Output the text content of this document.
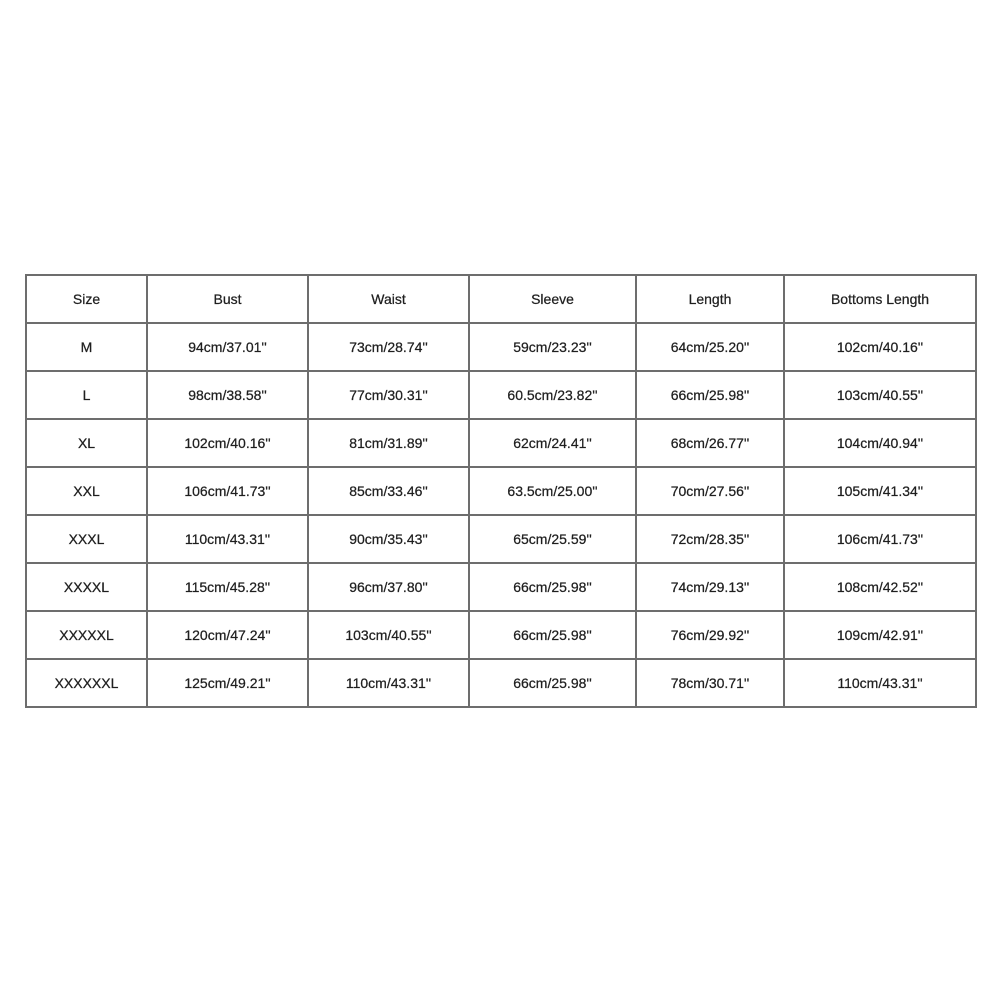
Size	Bust	Waist	Sleeve	Length	Bottoms Length
M	94cm/37.01''	73cm/28.74''	59cm/23.23''	64cm/25.20''	102cm/40.16''
L	98cm/38.58''	77cm/30.31''	60.5cm/23.82''	66cm/25.98''	103cm/40.55''
XL	102cm/40.16''	81cm/31.89''	62cm/24.41''	68cm/26.77''	104cm/40.94''
XXL	106cm/41.73''	85cm/33.46''	63.5cm/25.00''	70cm/27.56''	105cm/41.34''
XXXL	110cm/43.31''	90cm/35.43''	65cm/25.59''	72cm/28.35''	106cm/41.73''
XXXXL	115cm/45.28''	96cm/37.80''	66cm/25.98''	74cm/29.13''	108cm/42.52''
XXXXXL	120cm/47.24''	103cm/40.55''	66cm/25.98''	76cm/29.92''	109cm/42.91''
XXXXXXL	125cm/49.21''	110cm/43.31''	66cm/25.98''	78cm/30.71''	110cm/43.31''
